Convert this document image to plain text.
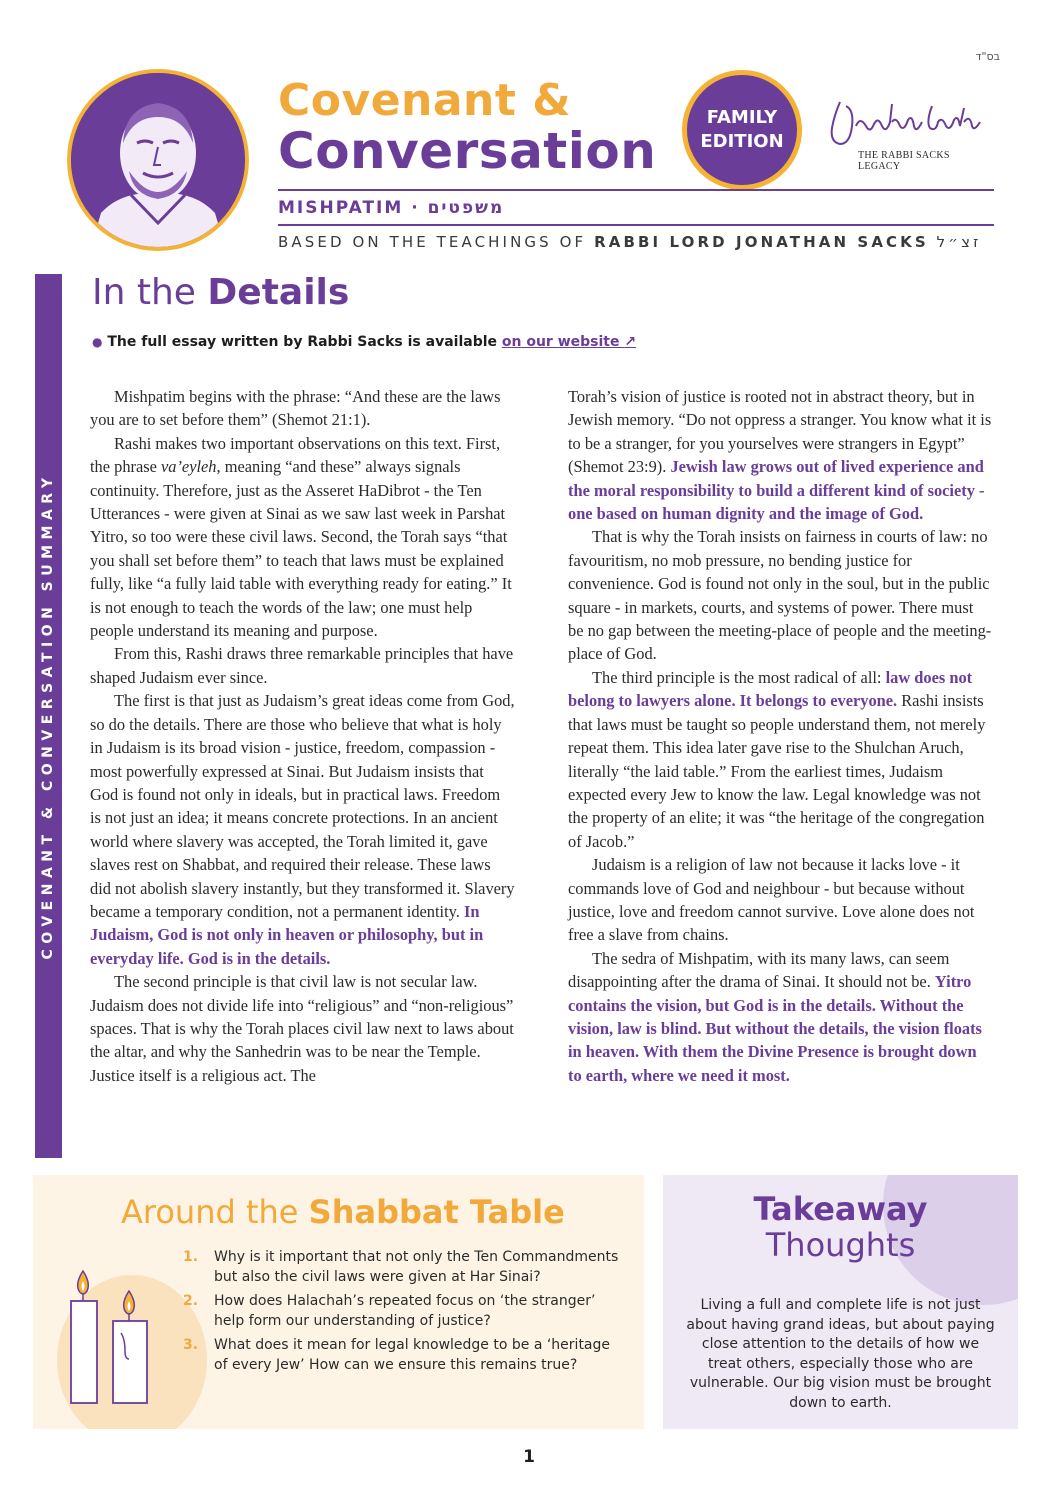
בס"ד
Covenant &
Conversation
FAMILY
EDITION
THE RABBI SACKS LEGACY
MISHPATIM · משפטים
BASED ON THE TEACHINGS OF RABBI LORD JONATHAN SACKS זצ״ל
COVENANT & CONVERSATION SUMMARY
In the Details
● The full essay written by Rabbi Sacks is available on our website ↗

Mishpatim begins with the phrase: “And these are the laws you are to set before them” (Shemot 21:1).

Rashi makes two important observations on this text. First, the phrase va’eyleh, meaning “and these” always signals continuity. Therefore, just as the Asseret HaDibrot - the Ten Utterances - were given at Sinai as we saw last week in Parshat Yitro, so too were these civil laws. Second, the Torah says “that you shall set before them” to teach that laws must be explained fully, like “a fully laid table with everything ready for eating.” It is not enough to teach the words of the law; one must help people understand its meaning and purpose.

From this, Rashi draws three remarkable principles that have shaped Judaism ever since.

The first is that just as Judaism’s great ideas come from God, so do the details. There are those who believe that what is holy in Judaism is its broad vision - justice, freedom, compassion - most powerfully expressed at Sinai. But Judaism insists that God is found not only in ideals, but in practical laws. Freedom is not just an idea; it means concrete protections. In an ancient world where slavery was accepted, the Torah limited it, gave slaves rest on Shabbat, and required their release. These laws did not abolish slavery instantly, but they transformed it. Slavery became a temporary condition, not a permanent identity. In Judaism, God is not only in heaven or philosophy, but in everyday life. God is in the details.

The second principle is that civil law is not secular law. Judaism does not divide life into “religious” and “non-religious” spaces. That is why the Torah places civil law next to laws about the altar, and why the Sanhedrin was to be near the Temple. Justice itself is a religious act. The

Torah’s vision of justice is rooted not in abstract theory, but in Jewish memory. “Do not oppress a stranger. You know what it is to be a stranger, for you yourselves were strangers in Egypt” (Shemot 23:9). Jewish law grows out of lived experience and the moral responsibility to build a different kind of society - one based on human dignity and the image of God.

That is why the Torah insists on fairness in courts of law: no favouritism, no mob pressure, no bending justice for convenience. God is found not only in the soul, but in the public square - in markets, courts, and systems of power. There must be no gap between the meeting-place of people and the meeting-place of God.

The third principle is the most radical of all: law does not belong to lawyers alone. It belongs to everyone. Rashi insists that laws must be taught so people understand them, not merely repeat them. This idea later gave rise to the Shulchan Aruch, literally “the laid table.” From the earliest times, Judaism expected every Jew to know the law. Legal knowledge was not the property of an elite; it was “the heritage of the congregation of Jacob.”

Judaism is a religion of law not because it lacks love - it commands love of God and neighbour - but because without justice, love and freedom cannot survive. Love alone does not free a slave from chains.

The sedra of Mishpatim, with its many laws, can seem disappointing after the drama of Sinai. It should not be. Yitro contains the vision, but God is in the details. Without the vision, law is blind. But without the details, the vision floats in heaven. With them the Divine Presence is brought down to earth, where we need it most.

Around the Shabbat Table
1. Why is it important that not only the Ten Commandments but also the civil laws were given at Har Sinai?
2. How does Halachah’s repeated focus on ‘the stranger’ help form our understanding of justice?
3. What does it mean for legal knowledge to be a ‘heritage of every Jew’ How can we ensure this remains true?
Takeaway
Thoughts
Living a full and complete life is not just about having grand ideas, but about paying close attention to the details of how we treat others, especially those who are vulnerable. Our big vision must be brought down to earth.
1
